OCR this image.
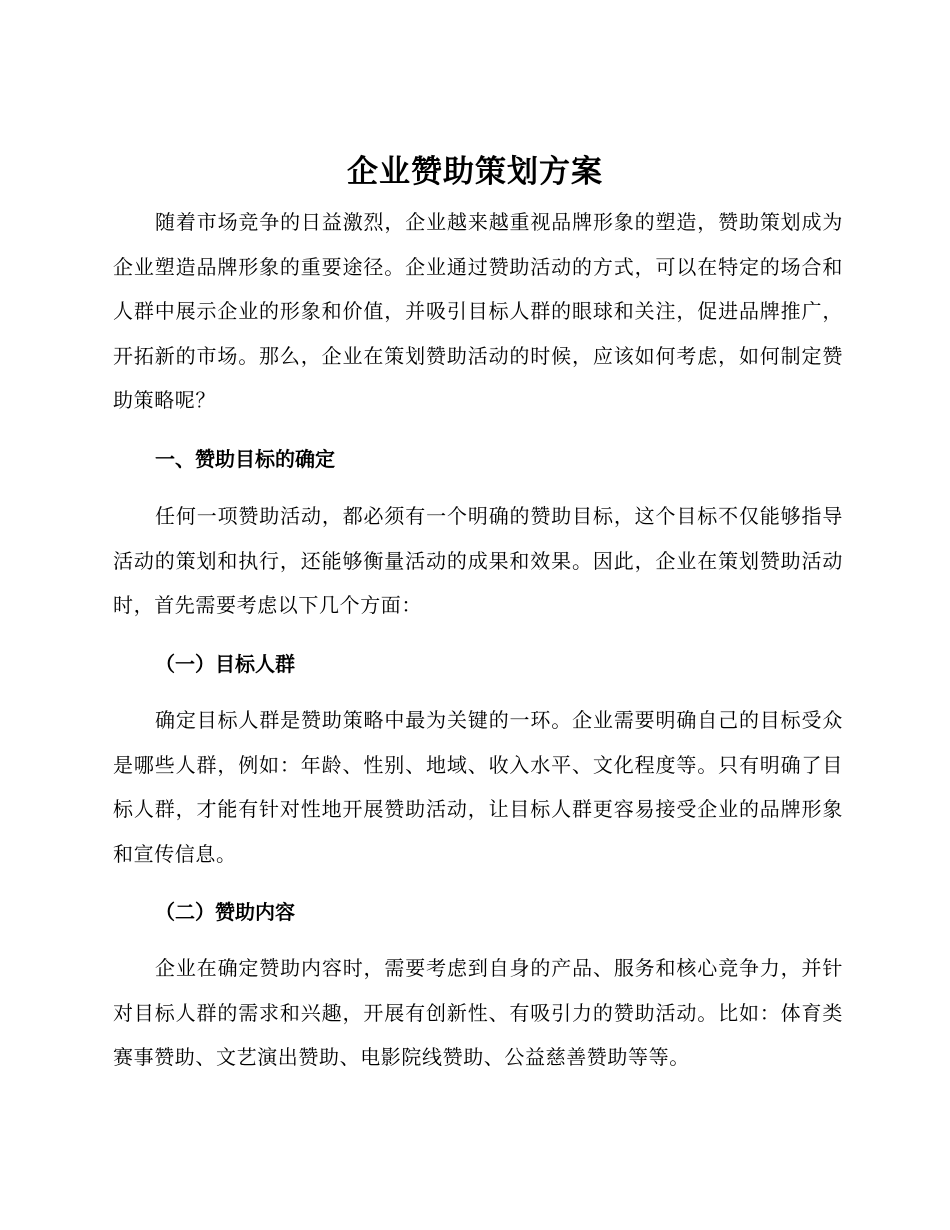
企业赞助策划方案

随着市场竞争的日益激烈，企业越来越重视品牌形象的塑造，赞助策划成为企业塑造品牌形象的重要途径。企业通过赞助活动的方式，可以在特定的场合和人群中展示企业的形象和价值，并吸引目标人群的眼球和关注，促进品牌推广，开拓新的市场。那么，企业在策划赞助活动的时候，应该如何考虑，如何制定赞助策略呢？

一、赞助目标的确定

任何一项赞助活动，都必须有一个明确的赞助目标，这个目标不仅能够指导活动的策划和执行，还能够衡量活动的成果和效果。因此，企业在策划赞助活动时，首先需要考虑以下几个方面：

（一）目标人群

确定目标人群是赞助策略中最为关键的一环。企业需要明确自己的目标受众是哪些人群，例如：年龄、性别、地域、收入水平、文化程度等。只有明确了目标人群，才能有针对性地开展赞助活动，让目标人群更容易接受企业的品牌形象和宣传信息。

（二）赞助内容

企业在确定赞助内容时，需要考虑到自身的产品、服务和核心竞争力，并针对目标人群的需求和兴趣，开展有创新性、有吸引力的赞助活动。比如：体育类赛事赞助、文艺演出赞助、电影院线赞助、公益慈善赞助等等。
